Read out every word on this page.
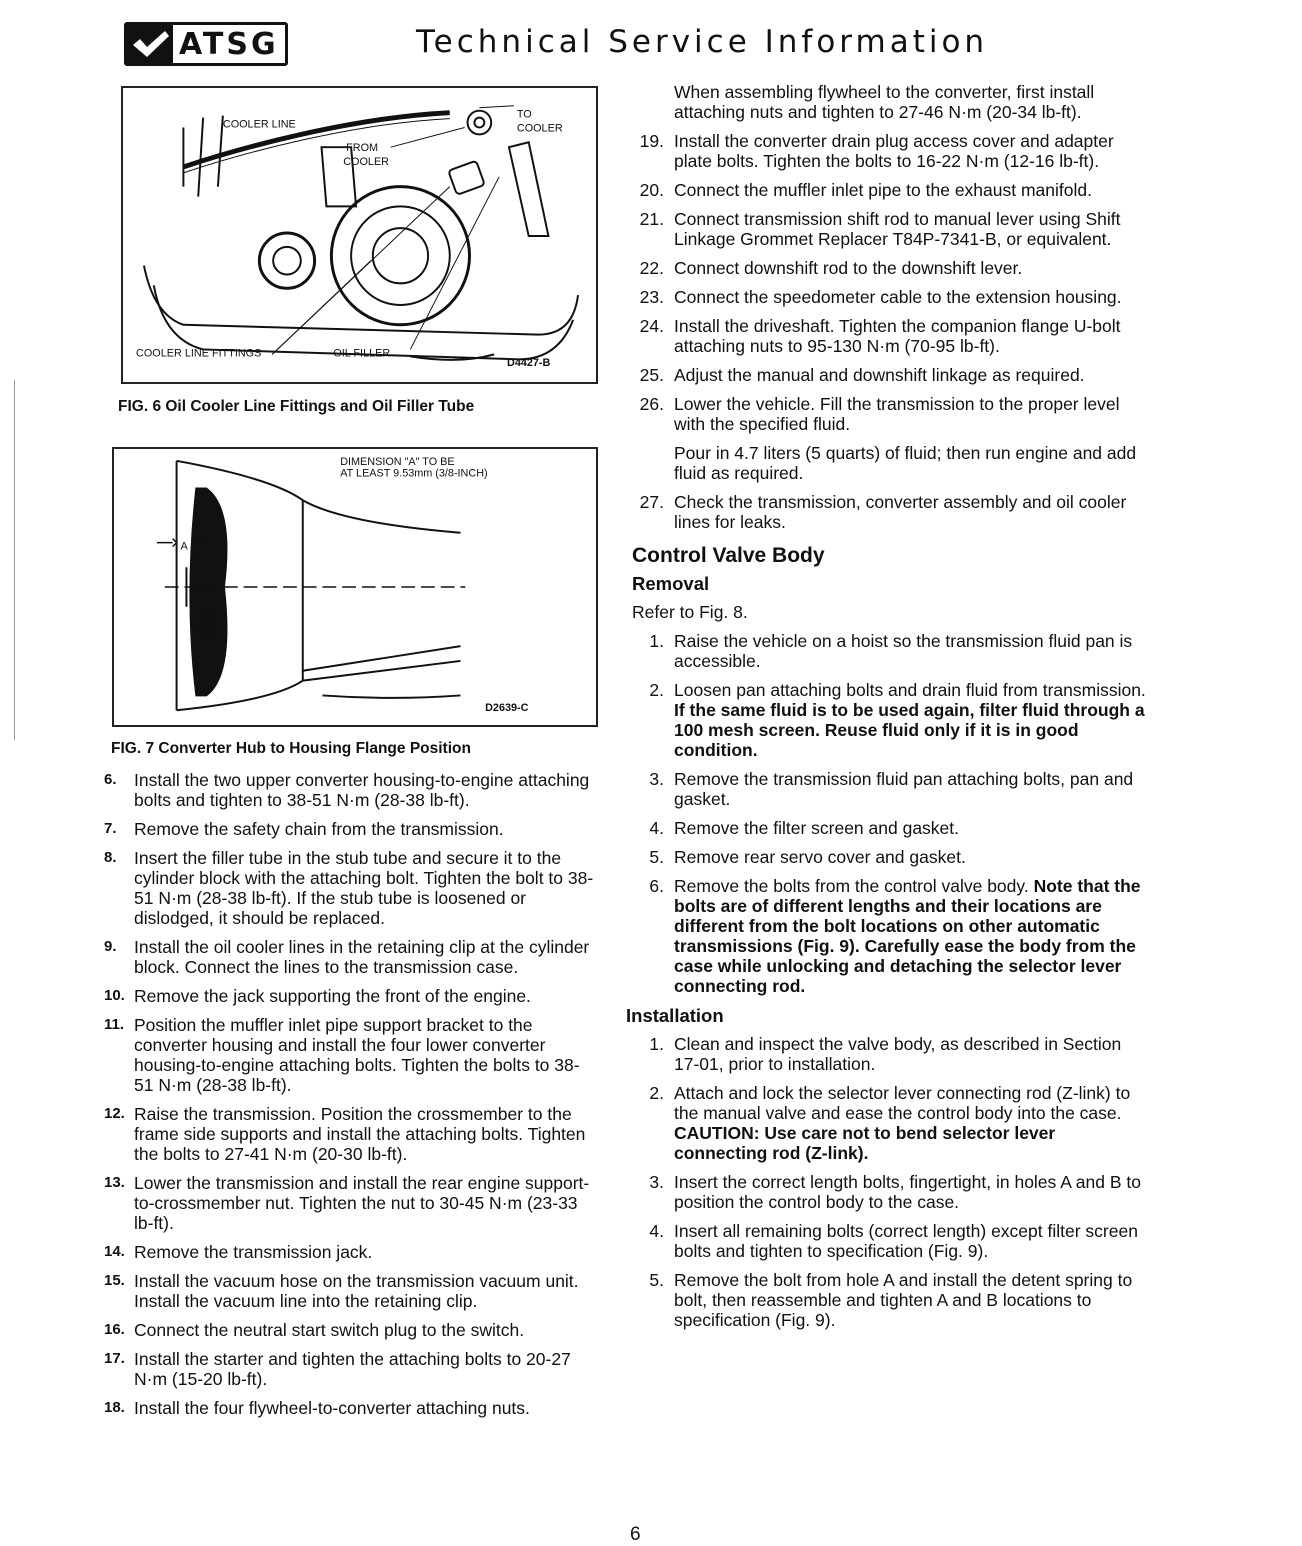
ATSG	Technical Service Information
COOLER LINE
FROM
COOLER
TO
COOLER
COOLER LINE FITTINGS	OIL FILLER
D4427-B
FIG. 6 Oil Cooler Line Fittings and Oil Filler Tube
DIMENSION "A" TO BE
AT LEAST 9.53mm (3/8-INCH)
A
D2639-C
FIG. 7 Converter Hub to Housing Flange Position
6. Install the two upper converter housing-to-engine attaching bolts and tighten to 38-51 N·m (28-38 lb-ft).
7. Remove the safety chain from the transmission.
8. Insert the filler tube in the stub tube and secure it to the cylinder block with the attaching bolt. Tighten the bolt to 38-51 N·m (28-38 lb-ft). If the stub tube is loosened or dislodged, it should be replaced.
9. Install the oil cooler lines in the retaining clip at the cylinder block. Connect the lines to the transmission case.
10. Remove the jack supporting the front of the engine.
11. Position the muffler inlet pipe support bracket to the converter housing and install the four lower converter housing-to-engine attaching bolts. Tighten the bolts to 38-51 N·m (28-38 lb-ft).
12. Raise the transmission. Position the crossmember to the frame side supports and install the attaching bolts. Tighten the bolts to 27-41 N·m (20-30 lb-ft).
13. Lower the transmission and install the rear engine support- to-crossmember nut. Tighten the nut to 30-45 N·m (23-33 lb-ft).
14. Remove the transmission jack.
15. Install the vacuum hose on the transmission vacuum unit. Install the vacuum line into the retaining clip.
16. Connect the neutral start switch plug to the switch.
17. Install the starter and tighten the attaching bolts to 20-27 N·m (15-20 lb-ft).
18. Install the four flywheel-to-converter attaching nuts.
When assembling flywheel to the converter, first install attaching nuts and tighten to 27-46 N·m (20-34 lb-ft).
19. Install the converter drain plug access cover and adapter plate bolts. Tighten the bolts to 16-22 N·m (12-16 lb-ft).
20. Connect the muffler inlet pipe to the exhaust manifold.
21. Connect transmission shift rod to manual lever using Shift Linkage Grommet Replacer T84P-7341-B, or equivalent.
22. Connect downshift rod to the downshift lever.
23. Connect the speedometer cable to the extension housing.
24. Install the driveshaft. Tighten the companion flange U-bolt attaching nuts to 95-130 N·m (70-95 lb-ft).
25. Adjust the manual and downshift linkage as required.
26. Lower the vehicle. Fill the transmission to the proper level with the specified fluid.
Pour in 4.7 liters (5 quarts) of fluid; then run engine and add fluid as required.
27. Check the transmission, converter assembly and oil cooler lines for leaks.
Control Valve Body
Removal
Refer to Fig. 8.
1. Raise the vehicle on a hoist so the transmission fluid pan is accessible.
2. Loosen pan attaching bolts and drain fluid from transmission. If the same fluid is to be used again, filter fluid through a 100 mesh screen. Reuse fluid only if it is in good condition.
3. Remove the transmission fluid pan attaching bolts, pan and gasket.
4. Remove the filter screen and gasket.
5. Remove rear servo cover and gasket.
6. Remove the bolts from the control valve body. Note that the bolts are of different lengths and their locations are different from the bolt locations on other automatic transmissions (Fig. 9). Carefully ease the body from the case while unlocking and detaching the selector lever connecting rod.
Installation
1. Clean and inspect the valve body, as described in Section 17-01, prior to installation.
2. Attach and lock the selector lever connecting rod (Z-link) to the manual valve and ease the control body into the case. CAUTION: Use care not to bend selector lever connecting rod (Z-link).
3. Insert the correct length bolts, fingertight, in holes A and B to position the control body to the case.
4. Insert all remaining bolts (correct length) except filter screen bolts and tighten to specification (Fig. 9).
5. Remove the bolt from hole A and install the detent spring to bolt, then reassemble and tighten A and B locations to specification (Fig. 9).
6
